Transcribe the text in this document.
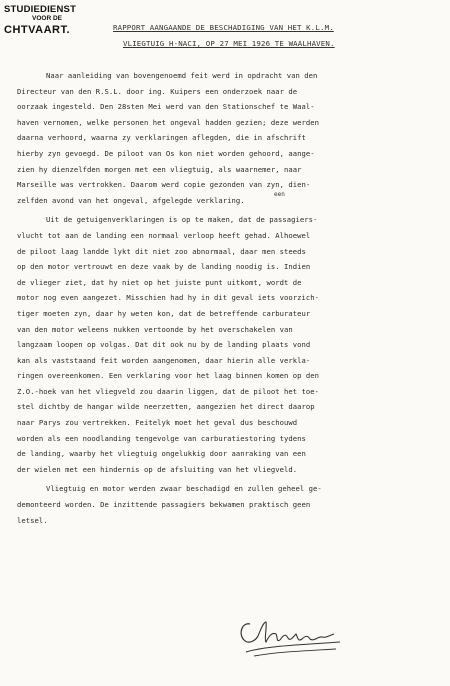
STUDIEDIENST
VOOR DE
CHTVAART.	RAPPORT AANGAANDE DE BESCHADIGING VAN HET K.L.M.
VLIEGTUIG H-NACI, OP 27 MEI 1926 TE WAALHAVEN.
een
Naar aanleiding van bovengenoemd feit werd in opdracht van den
Directeur van den R.S.L. door ing. Kuipers een onderzoek naar de
oorzaak ingesteld. Den 28sten Mei werd van den Stationschef te Waal-
haven vernomen, welke personen het ongeval hadden gezien; deze werden
daarna verhoord, waarna zy verklaringen aflegden, die in afschrift
hierby zyn gevoegd. De piloot van Os kon niet worden gehoord, aange-
zien hy dienzelfden morgen met een vliegtuig, als waarnemer, naar
Marseille was vertrokken. Daarom werd copie gezonden van zyn, dien-
zelfden avond van het ongeval, afgelegde verklaring.
Uit de getuigenverklaringen is op te maken, dat de passagiers-
vlucht tot aan de landing een normaal verloop heeft gehad. Alhoewel
de piloot laag landde lykt dit niet zoo abnormaal, daar men steeds
op den motor vertrouwt en deze vaak by de landing noodig is. Indien
de vlieger ziet, dat hy niet op het juiste punt uitkomt, wordt de
motor nog even aangezet. Misschien had hy in dit geval iets voorzich-
tiger moeten zyn, daar hy weten kon, dat de betreffende carburateur
van den motor weleens nukken vertoonde by het overschakelen van
langzaam loopen op volgas. Dat dit ook nu by de landing plaats vond
kan als vaststaand feit worden aangenomen, daar hierin alle verkla-
ringen overeenkomen. Een verklaring voor het laag binnen komen op den
Z.O.-hoek van het vliegveld zou daarin liggen, dat de piloot het toe-
stel dichtby de hangar wilde neerzetten, aangezien het direct daarop
naar Parys zou vertrekken. Feitelyk moet het geval dus beschouwd
worden als een noodlanding tengevolge van carburatiestoring tydens
de landing, waarby het vliegtuig ongelukkig door aanraking van een
der wielen met een hindernis op de afsluiting van het vliegveld.
Vliegtuig en motor werden zwaar beschadigd en zullen geheel ge-
demonteerd worden. De inzittende passagiers bekwamen praktisch geen
letsel.
